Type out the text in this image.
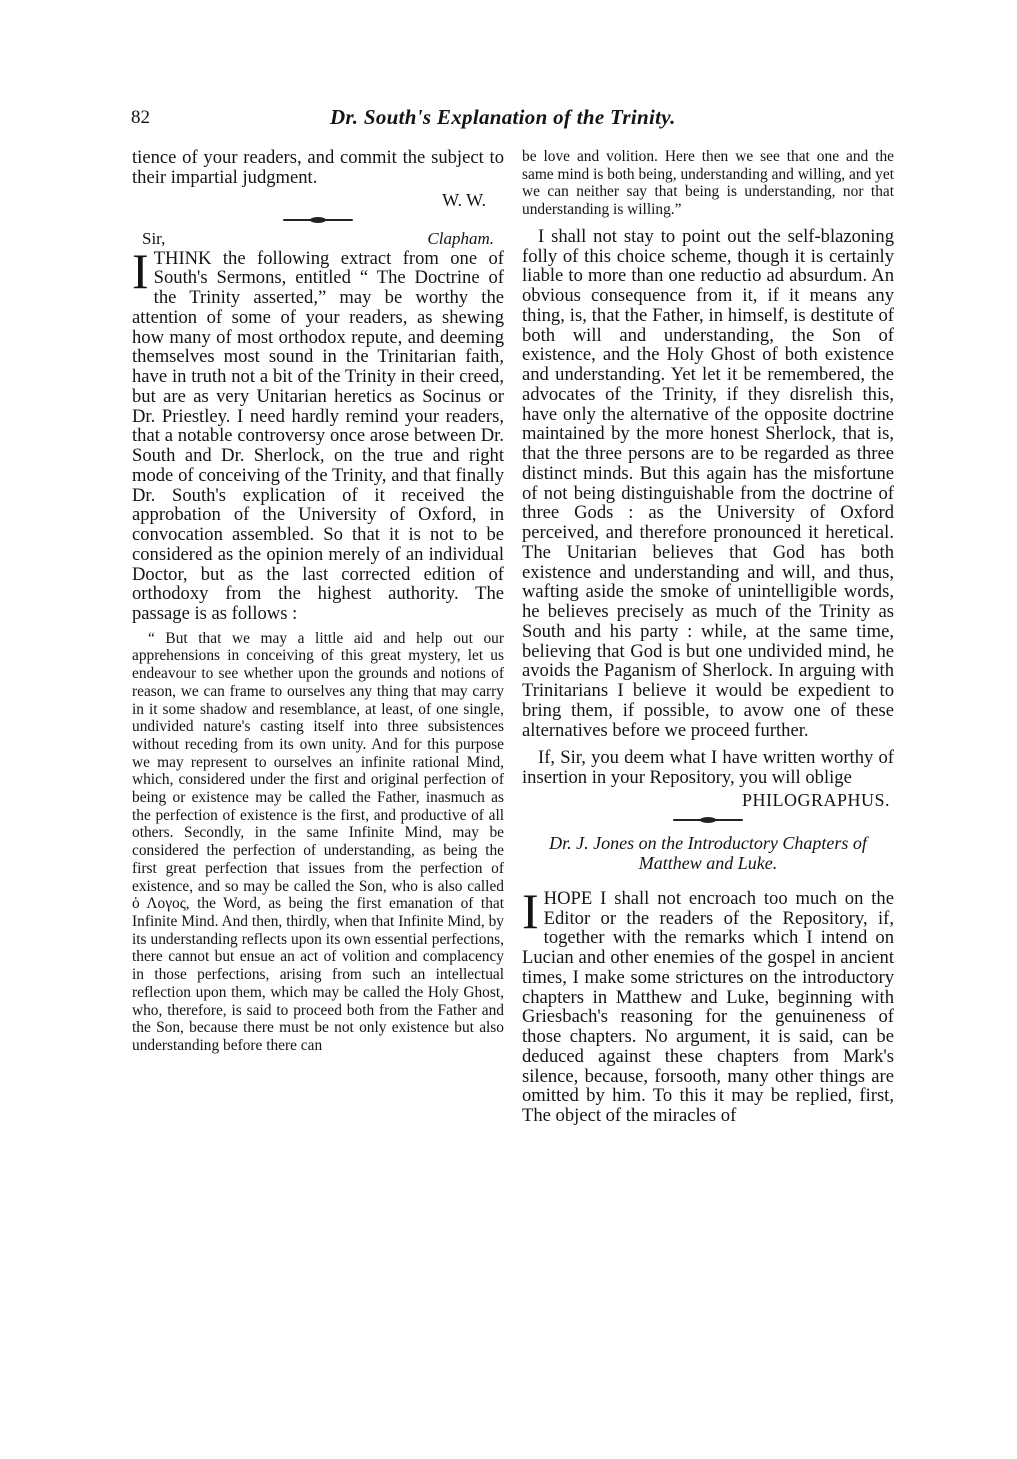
82	Dr. South's Explanation of the Trinity.

tience of your readers, and commit the subject to their impartial judgment.

W. W.
Sir,	Clapham.

ITHINK the following extract from one of South's Sermons, entitled “ The Doctrine of the Trinity asserted,” may be worthy the attention of some of your readers, as shewing how many of most orthodox repute, and deeming themselves most sound in the Trinitarian faith, have in truth not a bit of the Trinity in their creed, but are as very Unitarian heretics as Socinus or Dr. Priestley. I need hardly remind your readers, that a notable controversy once arose between Dr. South and Dr. Sherlock, on the true and right mode of conceiving of the Trinity, and that finally Dr. South's explication of it received the approbation of the University of Oxford, in convocation assembled. So that it is not to be considered as the opinion merely of an individual Doctor, but as the last corrected edition of orthodoxy from the highest authority. The passage is as follows :

“ But that we may a little aid and help out our apprehensions in conceiving of this great mystery, let us endeavour to see whether upon the grounds and notions of reason, we can frame to ourselves any thing that may carry in it some shadow and resemblance, at least, of one single, undivided nature's casting itself into three subsistences without receding from its own unity. And for this purpose we may represent to ourselves an infinite rational Mind, which, considered under the first and original perfection of being or existence may be called the Father, inasmuch as the perfection of existence is the first, and productive of all others. Secondly, in the same Infinite Mind, may be considered the perfection of understanding, as being the first great perfection that issues from the perfection of existence, and so may be called the Son, who is also called ὁ Λογος, the Word, as being the first emanation of that Infinite Mind. And then, thirdly, when that Infinite Mind, by its understanding reflects upon its own essential perfections, there cannot but ensue an act of volition and complacency in those perfections, arising from such an intellectual reflection upon them, which may be called the Holy Ghost, who, therefore, is said to proceed both from the Father and the Son, because there must be not only existence but also understanding before there can

be love and volition. Here then we see that one and the same mind is both being, understanding and willing, and yet we can neither say that being is understanding, nor that understanding is willing.”

I shall not stay to point out the self-blazoning folly of this choice scheme, though it is certainly liable to more than one reductio ad absurdum. An obvious consequence from it, if it means any thing, is, that the Father, in himself, is destitute of both will and understanding, the Son of existence, and the Holy Ghost of both existence and understanding. Yet let it be remembered, the advocates of the Trinity, if they disrelish this, have only the alternative of the opposite doctrine maintained by the more honest Sherlock, that is, that the three persons are to be regarded as three distinct minds. But this again has the misfortune of not being distinguishable from the doctrine of three Gods : as the University of Oxford perceived, and therefore pronounced it heretical. The Unitarian believes that God has both existence and understanding and will, and thus, wafting aside the smoke of unintelligible words, he believes precisely as much of the Trinity as South and his party : while, at the same time, believing that God is but one undivided mind, he avoids the Paganism of Sherlock. In arguing with Trinitarians I believe it would be expedient to bring them, if possible, to avow one of these alternatives before we proceed further.

If, Sir, you deem what I have written worthy of insertion in your Repository, you will oblige

PHILOGRAPHUS.
Dr. J. Jones on the Introductory Chapters of Matthew and Luke.

IHOPE I shall not encroach too much on the Editor or the readers of the Repository, if, together with the remarks which I intend on Lucian and other enemies of the gospel in ancient times, I make some strictures on the introductory chapters in Matthew and Luke, beginning with Griesbach's reasoning for the genuineness of those chapters. No argument, it is said, can be deduced against these chapters from Mark's silence, because, forsooth, many other things are omitted by him. To this it may be replied, first, The object of the miracles of
